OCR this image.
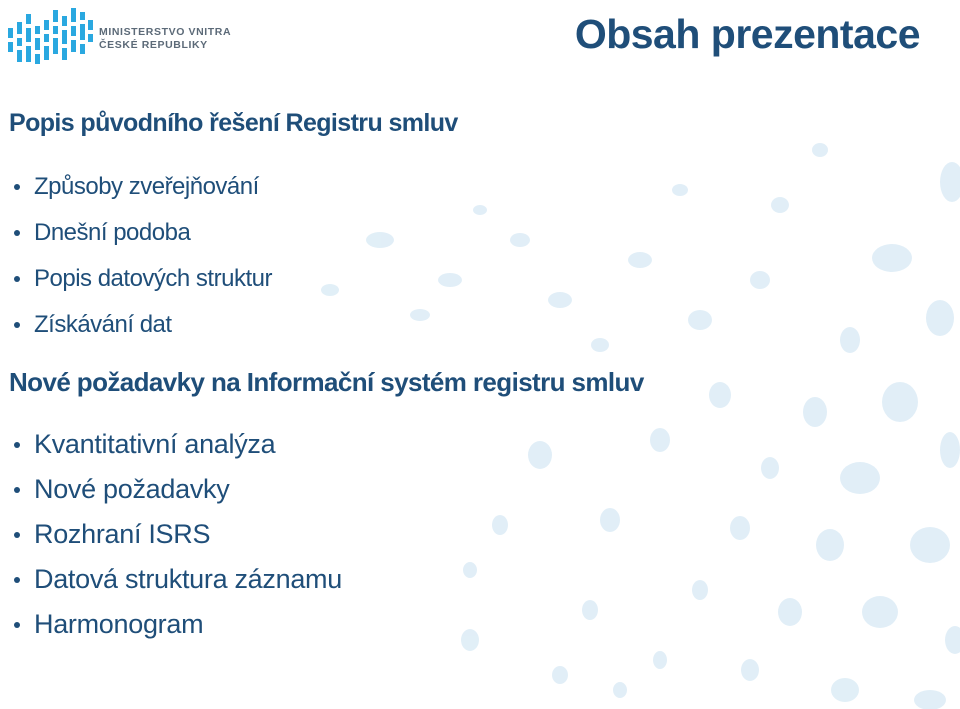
MINISTERSTVO VNITRA
ČESKÉ REPUBLIKY	Obsah prezentace
Popis původního řešení Registru smluv
Způsoby zveřejňování
Dnešní podoba
Popis datových struktur
Získávání dat
Nové požadavky na Informační systém registru smluv
Kvantitativní analýza
Nové požadavky
Rozhraní ISRS
Datová struktura záznamu
Harmonogram
